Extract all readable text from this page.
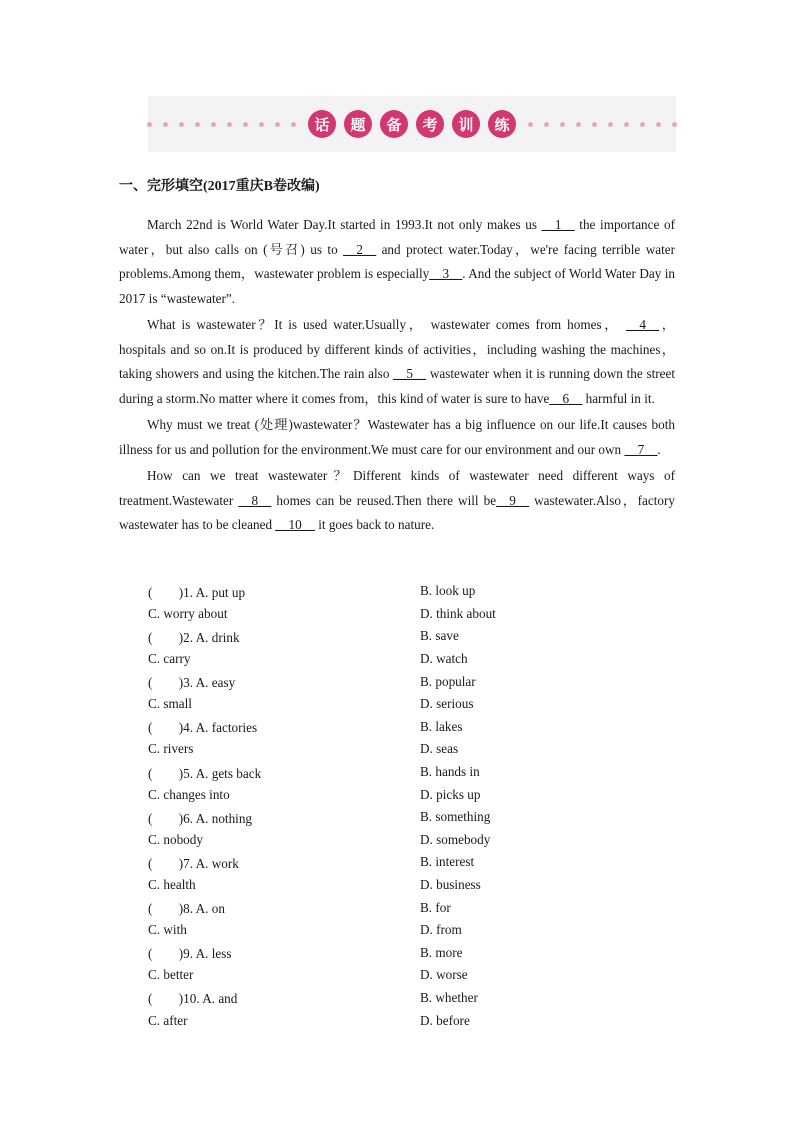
话	题	备	考	训	练
一、完形填空(2017重庆B卷改编)

March 22nd is World Water Day.It started in 1993.It not only makes us __1__ the importance of water，but also calls on (号召) us to __2__ and protect water.Today，we're facing terrible water problems.Among them，wastewater problem is especially__3__. And the subject of World Water Day in 2017 is “wastewater”.

What is wastewater？It is used water.Usually， wastewater comes from homes， __4__，hospitals and so on.It is produced by different kinds of activities，including washing the machines，taking showers and using the kitchen.The rain also __5__ wastewater when it is running down the street during a storm.No matter where it comes from，this kind of water is sure to have__6__ harmful in it.

Why must we treat (处理)wastewater？Wastewater has a big influence on our life.It causes both illness for us and pollution for the environment.We must care for our environment and our own __7__.

How can we treat wastewater？Different kinds of wastewater need different ways of treatment.Wastewater __8__ homes can be reused.Then there will be__9__ wastewater.Also，factory wastewater has to be cleaned __10__ it goes back to nature.

(　　)1. A. put up	B. look up
C. worry about	D. think about
(　　)2. A. drink	B. save
C. carry	D. watch
(　　)3. A. easy	B. popular
C. small	D. serious
(　　)4. A. factories	B. lakes
C. rivers	D. seas
(　　)5. A. gets back	B. hands in
C. changes into	D. picks up
(　　)6. A. nothing	B. something
C. nobody	D. somebody
(　　)7. A. work	B. interest
C. health	D. business
(　　)8. A. on	B. for
C. with	D. from
(　　)9. A. less	B. more
C. better	D. worse
(　　)10. A. and	B. whether
C. after	D. before
